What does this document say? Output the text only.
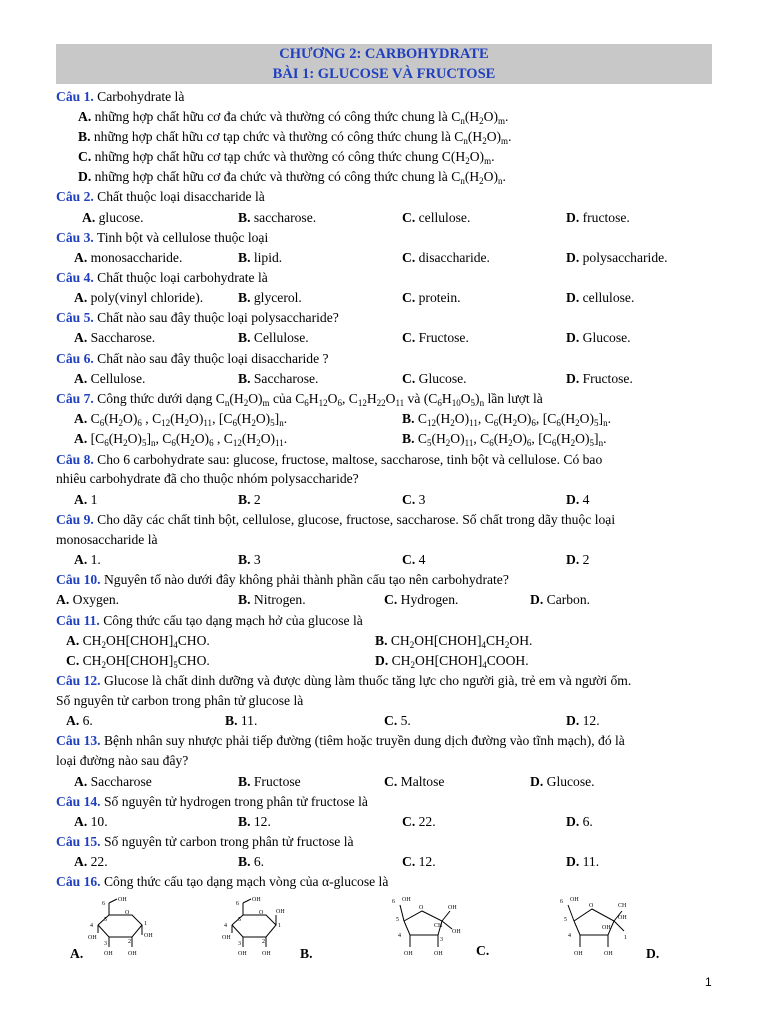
CHƯƠNG 2: CARBOHYDRATE
BÀI 1: GLUCOSE VÀ FRUCTOSE
Câu 1. Carbohydrate là
A. những hợp chất hữu cơ đa chức và thường có công thức chung là $C_n(H_2O)_m$.
B. những hợp chất hữu cơ tạp chức và thường có công thức chung là $C_n(H_2O)_m$.
C. những hợp chất hữu cơ tạp chức và thường có công thức chung $C(H_2O)_m$.
D. những hợp chất hữu cơ đa chức và thường có công thức chung là $C_n(H_2O)_n$.
Câu 2. Chất thuộc loại disaccharide là
A. glucose.	B. saccharose.	C. cellulose.	D. fructose.
Câu 3. Tinh bột và cellulose thuộc loại
A. monosaccharide.	B. lipid.	C. disaccharide.	D. polysaccharide.
Câu 4. Chất thuộc loại carbohydrate là
A. poly(vinyl chloride).	B. glycerol.	C. protein.	D. cellulose.
Câu 5. Chất nào sau đây thuộc loại polysaccharide?
A. Saccharose.	B. Cellulose.	C. Fructose.	D. Glucose.
Câu 6. Chất nào sau đây thuộc loại disaccharide ?
A. Cellulose.	B. Saccharose.	C. Glucose.	D. Fructose.
Câu 7. Công thức dưới dạng $C_n(H_2O)_m$ của $C_6H_{12}O_6$, $C_{12}H_{22}O_{11}$ và $(C_6H_{10}O_5)_n$ lần lượt là
A. $C_6(H_2O)_6$ , $C_{12}(H_2O)_{11}$, $[C_6(H_2O)_5]_n$.	B. $C_{12}(H_2O)_{11}$, $C_6(H_2O)_6$, $[C_6(H_2O)_5]_n$.
A. $[C_6(H_2O)_5]_n$, $C_6(H_2O)_6$ , $C_{12}(H_2O)_{11}$.	B. $C_5(H_2O)_{11}$, $C_6(H_2O)_6$, $[C_6(H_2O)_5]_n$.
Câu 8. Cho 6 carbohydrate sau: glucose, fructose, maltose, saccharose, tinh bột và cellulose. Có bao
nhiêu carbohydrate đã cho thuộc nhóm polysaccharide?
A. 1	B. 2	C. 3	D. 4
Câu 9. Cho dãy các chất tinh bột, cellulose, glucose, fructose, saccharose. Số chất trong dãy thuộc loại
monosaccharide là
A. 1.	B. 3	C. 4	D. 2
Câu 10. Nguyên tố nào dưới đây không phải thành phần cấu tạo nên carbohydrate?
A. Oxygen.	B. Nitrogen.	C. Hydrogen.	D. Carbon.
Câu 11. Công thức cấu tạo dạng mạch hở của glucose là
A. $CH_2OH[CHOH]_4CHO$.	B. $CH_2OH[CHOH]_4CH_2OH$.
C. $CH_2OH[CHOH]_5CHO$.	D. $CH_2OH[CHOH]_4COOH$.
Câu 12. Glucose là chất dinh dưỡng và được dùng làm thuốc tăng lực cho người già, trẻ em và người ốm.
Số nguyên tử carbon trong phân tử glucose là
A. 6.	B. 11.	C. 5.	D. 12.
Câu 13. Bệnh nhân suy nhược phải tiếp đường (tiêm hoặc truyền dung dịch đường vào tĩnh mạch), đó là
loại đường nào sau đây?
A. Saccharose	B. Fructose	C. Maltose	D. Glucose.
Câu 14. Số nguyên tử hydrogen trong phân tử fructose là
A. 10.	B. 12.	C. 22.	D. 6.
Câu 15. Số nguyên tử carbon trong phân tử fructose là
A. 22.	B. 6.	C. 12.	D. 11.
Câu 16. Công thức cấu tạo dạng mạch vòng của α-glucose là
6
OH
5
O
1
4
OH
3	2
OH
OH	OH
A.
6
OH
5
O
1
4
OH
3	2
OH
OH	OH B.
6 OH
5
O	OH
CH
4
3
OH
OH	OH C.
6 OH
5
O	CH
OH
4
OH
1
OH	OH D.
1
